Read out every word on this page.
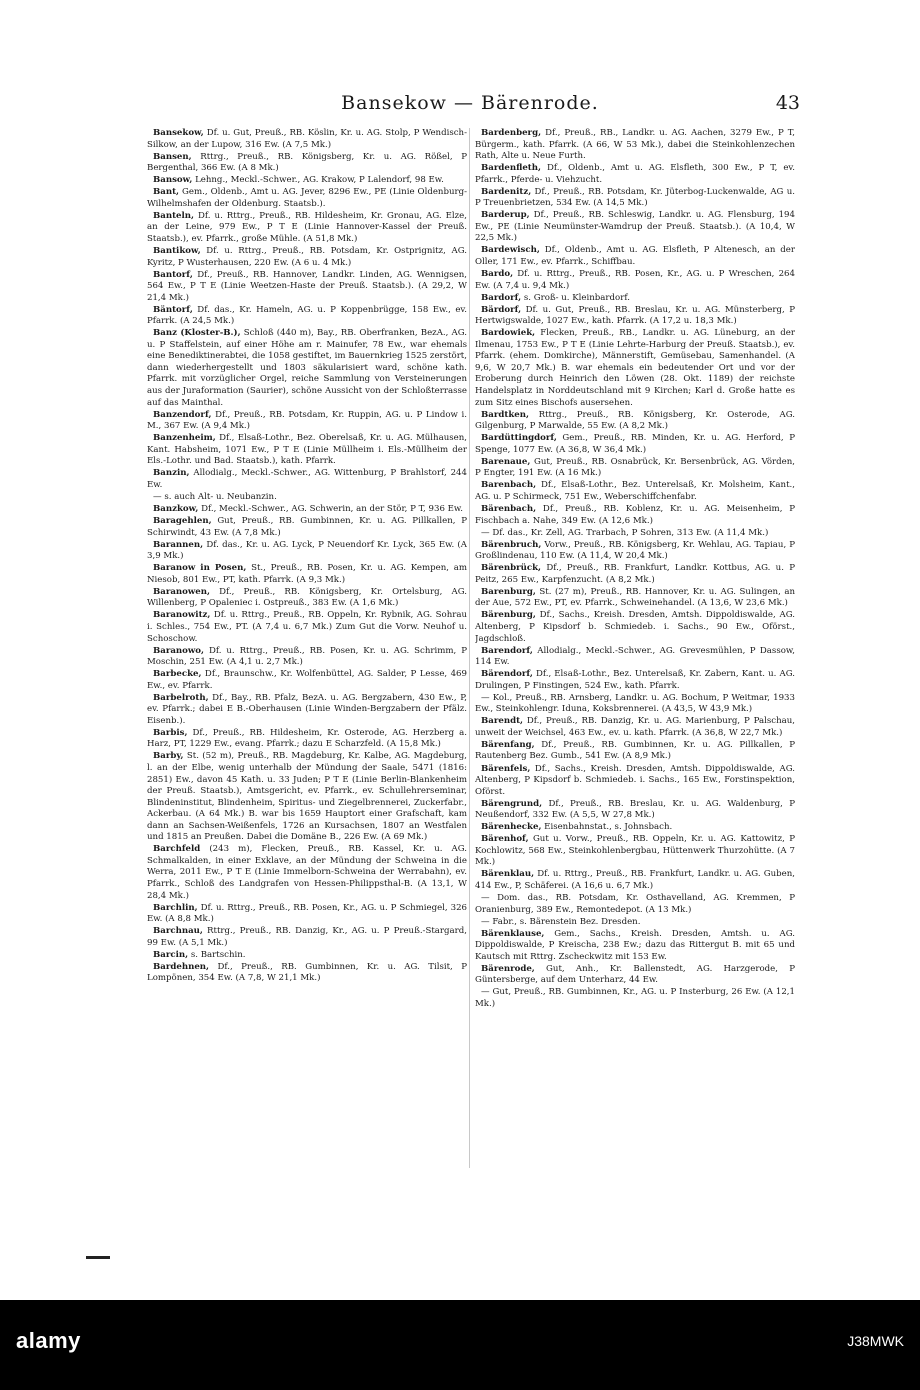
Bansekow — Bärenrode.	43

Bansekow, Df. u. Gut, Preuß., RB. Köslin, Kr. u. AG. Stolp, P Wendisch-Silkow, an der Lupow, 316 Ew. (A 7,5 Mk.)

Bansen, Rttrg., Preuß., RB. Königsberg, Kr. u. AG. Rößel, P Bergenthal, 366 Ew. (A 8 Mk.)

Bansow, Lehng., Meckl.-Schwer., AG. Krakow, P Lalendorf, 98 Ew.

Bant, Gem., Oldenb., Amt u. AG. Jever, 8296 Ew., PE (Linie Oldenburg-Wilhelmshafen der Oldenburg. Staatsb.).

Banteln, Df. u. Rttrg., Preuß., RB. Hildesheim, Kr. Gronau, AG. Elze, an der Leine, 979 Ew., P T E (Linie Hannover-Kassel der Preuß. Staatsb.), ev. Pfarrk., große Mühle. (A 51,8 Mk.)

Bantikow, Df. u. Rttrg., Preuß., RB. Potsdam, Kr. Ostprignitz, AG. Kyritz, P Wusterhausen, 220 Ew. (A 6 u. 4 Mk.)

Bantorf, Df., Preuß., RB. Hannover, Landkr. Linden, AG. Wennigsen, 564 Ew., P T E (Linie Weetzen-Haste der Preuß. Staatsb.). (A 29,2, W 21,4 Mk.)

Bäntorf, Df. das., Kr. Hameln, AG. u. P Koppenbrügge, 158 Ew., ev. Pfarrk. (A 24,5 Mk.)

Banz (Kloster-B.), Schloß (440 m), Bay., RB. Oberfranken, BezA., AG. u. P Staffelstein, auf einer Höhe am r. Mainufer, 78 Ew., war ehemals eine Benediktinerabtei, die 1058 gestiftet, im Bauernkrieg 1525 zerstört, dann wiederhergestellt und 1803 säkularisiert ward, schöne kath. Pfarrk. mit vorzüglicher Orgel, reiche Sammlung von Versteinerungen aus der Juraformation (Saurier), schöne Aussicht von der Schloßterrasse auf das Mainthal.

Banzendorf, Df., Preuß., RB. Potsdam, Kr. Ruppin, AG. u. P Lindow i. M., 367 Ew. (A 9,4 Mk.)

Banzenheim, Df., Elsaß-Lothr., Bez. Oberelsaß, Kr. u. AG. Mülhausen, Kant. Habsheim, 1071 Ew., P T E (Linie Müllheim i. Els.-Müllheim der Els.-Lothr. und Bad. Staatsb.), kath. Pfarrk.

Banzin, Allodialg., Meckl.-Schwer., AG. Wittenburg, P Brahlstorf, 244 Ew.

— s. auch Alt- u. Neubanzin.

Banzkow, Df., Meckl.-Schwer., AG. Schwerin, an der Stör, P T, 936 Ew.

Baragehlen, Gut, Preuß., RB. Gumbinnen, Kr. u. AG. Pillkallen, P Schirwindt, 43 Ew. (A 7,8 Mk.)

Barannen, Df. das., Kr. u. AG. Lyck, P Neuendorf Kr. Lyck, 365 Ew. (A 3,9 Mk.)

Baranow in Posen, St., Preuß., RB. Posen, Kr. u. AG. Kempen, am Niesob, 801 Ew., PT, kath. Pfarrk. (A 9,3 Mk.)

Baranowen, Df., Preuß., RB. Königsberg, Kr. Ortelsburg, AG. Willenberg, P Opaleniec i. Ostpreuß., 383 Ew. (A 1,6 Mk.)

Baranowitz, Df. u. Rttrg., Preuß., RB. Oppeln, Kr. Rybnik, AG. Sohrau i. Schles., 754 Ew., PT. (A 7,4 u. 6,7 Mk.) Zum Gut die Vorw. Neuhof u. Schoschow.

Baranowo, Df. u. Rttrg., Preuß., RB. Posen, Kr. u. AG. Schrimm, P Moschin, 251 Ew. (A 4,1 u. 2,7 Mk.)

Barbecke, Df., Braunschw., Kr. Wolfenbüttel, AG. Salder, P Lesse, 469 Ew., ev. Pfarrk.

Barbelroth, Df., Bay., RB. Pfalz, BezA. u. AG. Bergzabern, 430 Ew., P, ev. Pfarrk.; dabei E B.-Oberhausen (Linie Winden-Bergzabern der Pfälz. Eisenb.).

Barbis, Df., Preuß., RB. Hildesheim, Kr. Osterode, AG. Herzberg a. Harz, PT, 1229 Ew., evang. Pfarrk.; dazu E Scharzfeld. (A 15,8 Mk.)

Barby, St. (52 m), Preuß., RB. Magdeburg, Kr. Kalbe, AG. Magdeburg, l. an der Elbe, wenig unterhalb der Mündung der Saale, 5471 (1816: 2851) Ew., davon 45 Kath. u. 33 Juden; P T E (Linie Berlin-Blankenheim der Preuß. Staatsb.), Amtsgericht, ev. Pfarrk., ev. Schullehrerseminar, Blindeninstitut, Blindenheim, Spiritus- und Ziegelbrennerei, Zuckerfabr., Ackerbau. (A 64 Mk.) B. war bis 1659 Hauptort einer Grafschaft, kam dann an Sachsen-Weißenfels, 1726 an Kursachsen, 1807 an Westfalen und 1815 an Preußen. Dabei die Domäne B., 226 Ew. (A 69 Mk.)

Barchfeld (243 m), Flecken, Preuß., RB. Kassel, Kr. u. AG. Schmalkalden, in einer Exklave, an der Mündung der Schweina in die Werra, 2011 Ew., P T E (Linie Immelborn-Schweina der Werrabahn), ev. Pfarrk., Schloß des Landgrafen von Hessen-Philippsthal-B. (A 13,1, W 28,4 Mk.)

Barchlin, Df. u. Rttrg., Preuß., RB. Posen, Kr., AG. u. P Schmiegel, 326 Ew. (A 8,8 Mk.)

Barchnau, Rttrg., Preuß., RB. Danzig, Kr., AG. u. P Preuß.-Stargard, 99 Ew. (A 5,1 Mk.)

Barcin, s. Bartschin.

Bardehnen, Df., Preuß., RB. Gumbinnen, Kr. u. AG. Tilsit, P Lompönen, 354 Ew. (A 7,8, W 21,1 Mk.)

Bardenberg, Df., Preuß., RB., Landkr. u. AG. Aachen, 3279 Ew., P T, Bürgerm., kath. Pfarrk. (A 66, W 53 Mk.), dabei die Steinkohlenzechen Rath, Alte u. Neue Furth.

Bardenfleth, Df., Oldenb., Amt u. AG. Elsfleth, 300 Ew., P T, ev. Pfarrk., Pferde- u. Viehzucht.

Bardenitz, Df., Preuß., RB. Potsdam, Kr. Jüterbog-Luckenwalde, AG u. P Treuenbrietzen, 534 Ew. (A 14,5 Mk.)

Barderup, Df., Preuß., RB. Schleswig, Landkr. u. AG. Flensburg, 194 Ew., PE (Linie Neumünster-Wamdrup der Preuß. Staatsb.). (A 10,4, W 22,5 Mk.)

Bardewisch, Df., Oldenb., Amt u. AG. Elsfleth, P Altenesch, an der Oller, 171 Ew., ev. Pfarrk., Schiffbau.

Bardo, Df. u. Rttrg., Preuß., RB. Posen, Kr., AG. u. P Wreschen, 264 Ew. (A 7,4 u. 9,4 Mk.)

Bardorf, s. Groß- u. Kleinbardorf.

Bärdorf, Df. u. Gut, Preuß., RB. Breslau, Kr. u. AG. Münsterberg, P Hertwigswalde, 1027 Ew., kath. Pfarrk. (A 17,2 u. 18,3 Mk.)

Bardowiek, Flecken, Preuß., RB., Landkr. u. AG. Lüneburg, an der Ilmenau, 1753 Ew., P T E (Linie Lehrte-Harburg der Preuß. Staatsb.), ev. Pfarrk. (ehem. Domkirche), Männerstift, Gemüsebau, Samenhandel. (A 9,6, W 20,7 Mk.) B. war ehemals ein bedeutender Ort und vor der Eroberung durch Heinrich den Löwen (28. Okt. 1189) der reichste Handelsplatz in Norddeutschland mit 9 Kirchen; Karl d. Große hatte es zum Sitz eines Bischofs ausersehen.

Bardtken, Rttrg., Preuß., RB. Königsberg, Kr. Osterode, AG. Gilgenburg, P Marwalde, 55 Ew. (A 8,2 Mk.)

Bardüttingdorf, Gem., Preuß., RB. Minden, Kr. u. AG. Herford, P Spenge, 1077 Ew. (A 36,8, W 36,4 Mk.)

Barenaue, Gut, Preuß., RB. Osnabrück, Kr. Bersenbrück, AG. Vörden, P Engter, 191 Ew. (A 16 Mk.)

Barenbach, Df., Elsaß-Lothr., Bez. Unterelsaß, Kr. Molsheim, Kant., AG. u. P Schirmeck, 751 Ew., Weberschiffchenfabr.

Bärenbach, Df., Preuß., RB. Koblenz, Kr. u. AG. Meisenheim, P Fischbach a. Nahe, 349 Ew. (A 12,6 Mk.)

— Df. das., Kr. Zell, AG. Trarbach, P Sohren, 313 Ew. (A 11,4 Mk.)

Bärenbruch, Vorw., Preuß., RB. Königsberg, Kr. Wehlau, AG. Tapiau, P Großlindenau, 110 Ew. (A 11,4, W 20,4 Mk.)

Bärenbrück, Df., Preuß., RB. Frankfurt, Landkr. Kottbus, AG. u. P Peitz, 265 Ew., Karpfenzucht. (A 8,2 Mk.)

Barenburg, St. (27 m), Preuß., RB. Hannover, Kr. u. AG. Sulingen, an der Aue, 572 Ew., PT, ev. Pfarrk., Schweinehandel. (A 13,6, W 23,6 Mk.)

Bärenburg, Df., Sachs., Kreish. Dresden, Amtsh. Dippoldiswalde, AG. Altenberg, P Kipsdorf b. Schmiedeb. i. Sachs., 90 Ew., Oförst., Jagdschloß.

Barendorf, Allodialg., Meckl.-Schwer., AG. Grevesmühlen, P Dassow, 114 Ew.

Bärendorf, Df., Elsaß-Lothr., Bez. Unterelsaß, Kr. Zabern, Kant. u. AG. Drulingen, P Finstingen, 524 Ew., kath. Pfarrk.

— Kol., Preuß., RB. Arnsberg, Landkr. u. AG. Bochum, P Weitmar, 1933 Ew., Steinkohlengr. Iduna, Koksbrennerei. (A 43,5, W 43,9 Mk.)

Barendt, Df., Preuß., RB. Danzig, Kr. u. AG. Marienburg, P Palschau, unweit der Weichsel, 463 Ew., ev. u. kath. Pfarrk. (A 36,8, W 22,7 Mk.)

Bärenfang, Df., Preuß., RB. Gumbinnen, Kr. u. AG. Pillkallen, P Rautenberg Bez. Gumb., 541 Ew. (A 8,9 Mk.)

Bärenfels, Df., Sachs., Kreish. Dresden, Amtsh. Dippoldiswalde, AG. Altenberg, P Kipsdorf b. Schmiedeb. i. Sachs., 165 Ew., Forstinspektion, Oförst.

Bärengrund, Df., Preuß., RB. Breslau, Kr. u. AG. Waldenburg, P Neußendorf, 332 Ew. (A 5,5, W 27,8 Mk.)

Bärenhecke, Eisenbahnstat., s. Johnsbach.

Bärenhof, Gut u. Vorw., Preuß., RB. Oppeln, Kr. u. AG. Kattowitz, P Kochlowitz, 568 Ew., Steinkohlenbergbau, Hüttenwerk Thurzohütte. (A 7 Mk.)

Bärenklau, Df. u. Rttrg., Preuß., RB. Frankfurt, Landkr. u. AG. Guben, 414 Ew., P, Schäferei. (A 16,6 u. 6,7 Mk.)

— Dom. das., RB. Potsdam, Kr. Osthavelland, AG. Kremmen, P Oranienburg, 389 Ew., Remontedepot. (A 13 Mk.)

— Fabr., s. Bärenstein Bez. Dresden.

Bärenklause, Gem., Sachs., Kreish. Dresden, Amtsh. u. AG. Dippoldiswalde, P Kreischa, 238 Ew.; dazu das Rittergut B. mit 65 und Kautsch mit Rttrg. Zscheckwitz mit 153 Ew.

Bärenrode, Gut, Anh., Kr. Ballenstedt, AG. Harzgerode, P Güntersberge, auf dem Unterharz, 44 Ew.

— Gut, Preuß., RB. Gumbinnen, Kr., AG. u. P Insterburg, 26 Ew. (A 12,1 Mk.)

alamy	J38MWK
